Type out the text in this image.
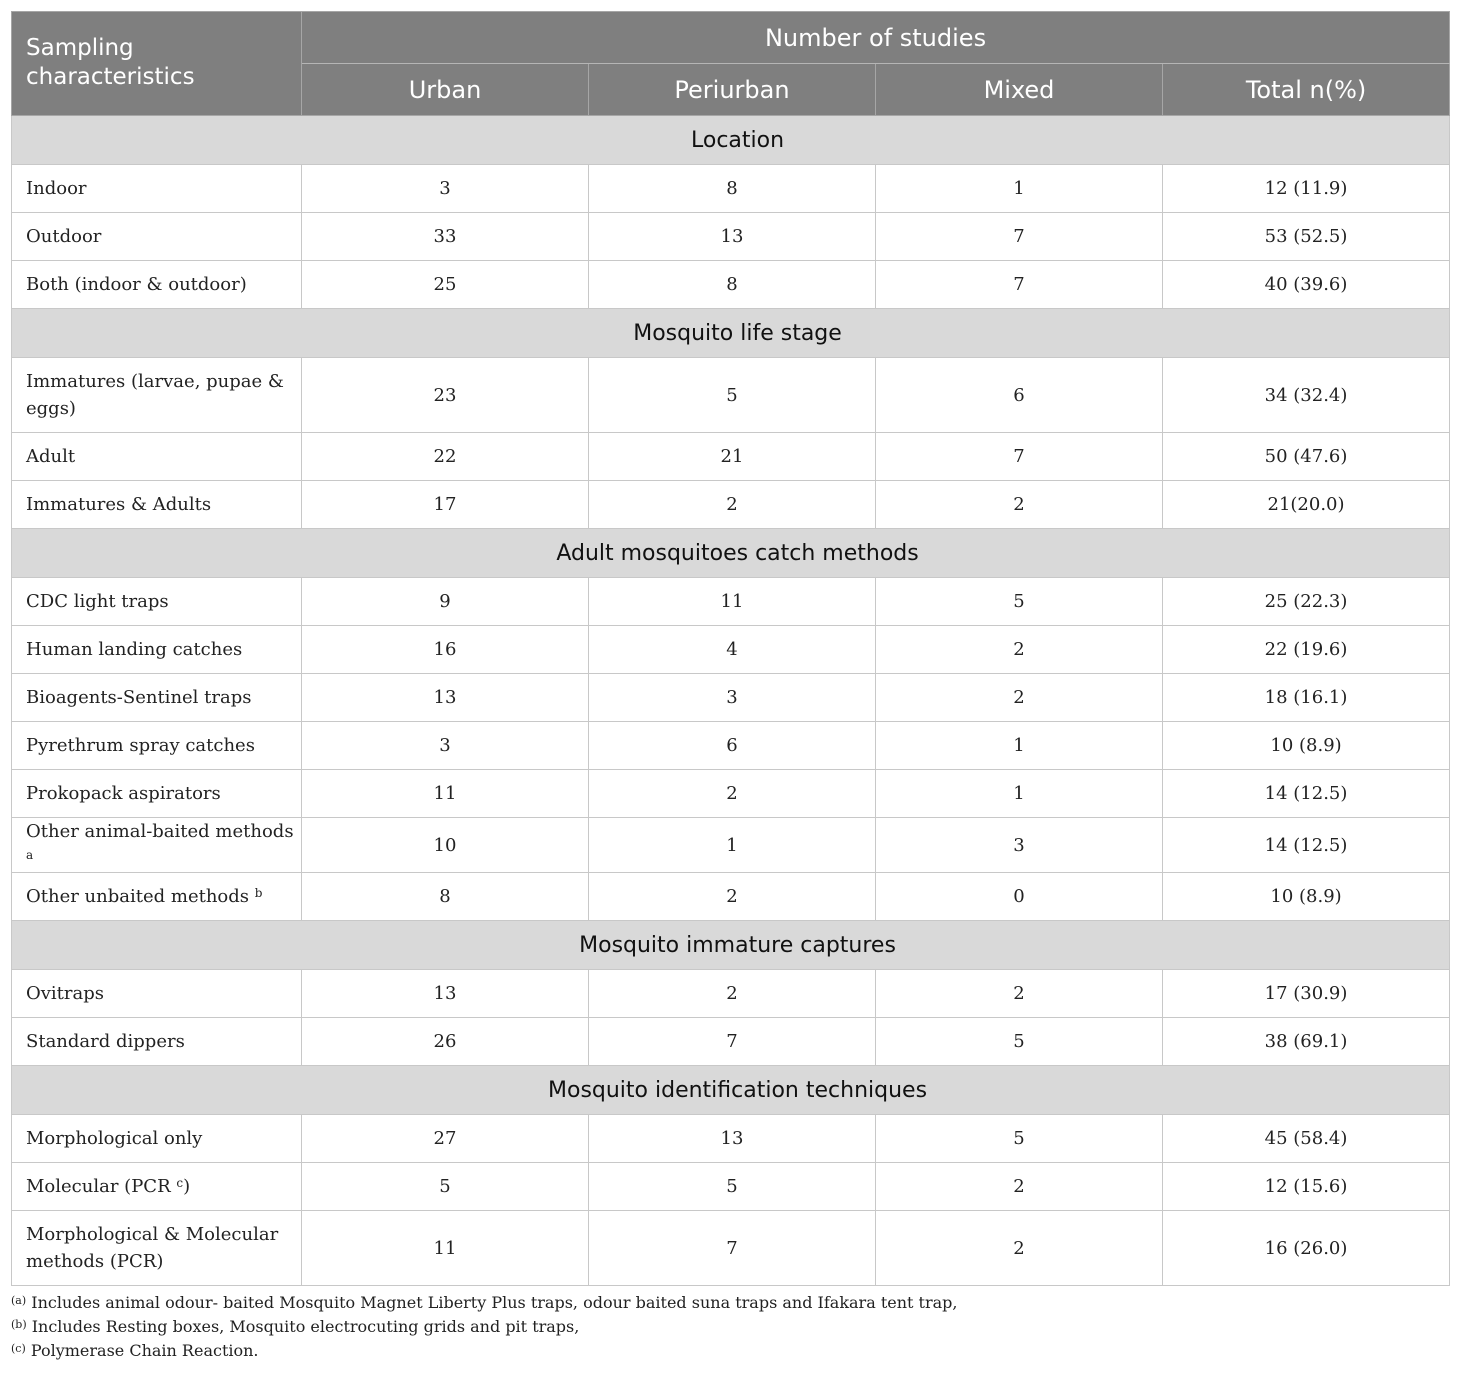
Sampling characteristics	Number of studies			
	Urban	Periurban	Mixed	Total n(%)
Location				
Indoor	3	8	1	12 (11.9)
Outdoor	33	13	7	53 (52.5)
Both (indoor & outdoor)	25	8	7	40 (39.6)
Mosquito life stage				
Immatures (larvae, pupae & eggs)	23	5	6	34 (32.4)
Adult	22	21	7	50 (47.6)
Immatures & Adults	17	2	2	21(20.0)
Adult mosquitoes catch methods				
CDC light traps	9	11	5	25 (22.3)
Human landing catches	16	4	2	22 (19.6)
Bioagents-Sentinel traps	13	3	2	18 (16.1)
Pyrethrum spray catches	3	6	1	10 (8.9)
Prokopack aspirators	11	2	1	14 (12.5)
Other animal-baited methods $^a$	10	1	3	14 (12.5)
Other unbaited methods $^b$	8	2	0	10 (8.9)
Mosquito immature captures				
Ovitraps	13	2	2	17 (30.9)
Standard dippers	26	7	5	38 (69.1)
Mosquito identification techniques				
Morphological only	27	13	5	45 (58.4)
Molecular (PCR $^c$)	5	5	2	12 (15.6)
Morphological & Molecular methods (PCR)	11	7	2	16 (26.0)
$^{(a)}$ Includes animal odour- baited Mosquito Magnet Liberty Plus traps, odour baited suna traps and Ifakara tent trap,
$^{(b)}$ Includes Resting boxes, Mosquito electrocuting grids and pit traps,
$^{(c)}$ Polymerase Chain Reaction.
